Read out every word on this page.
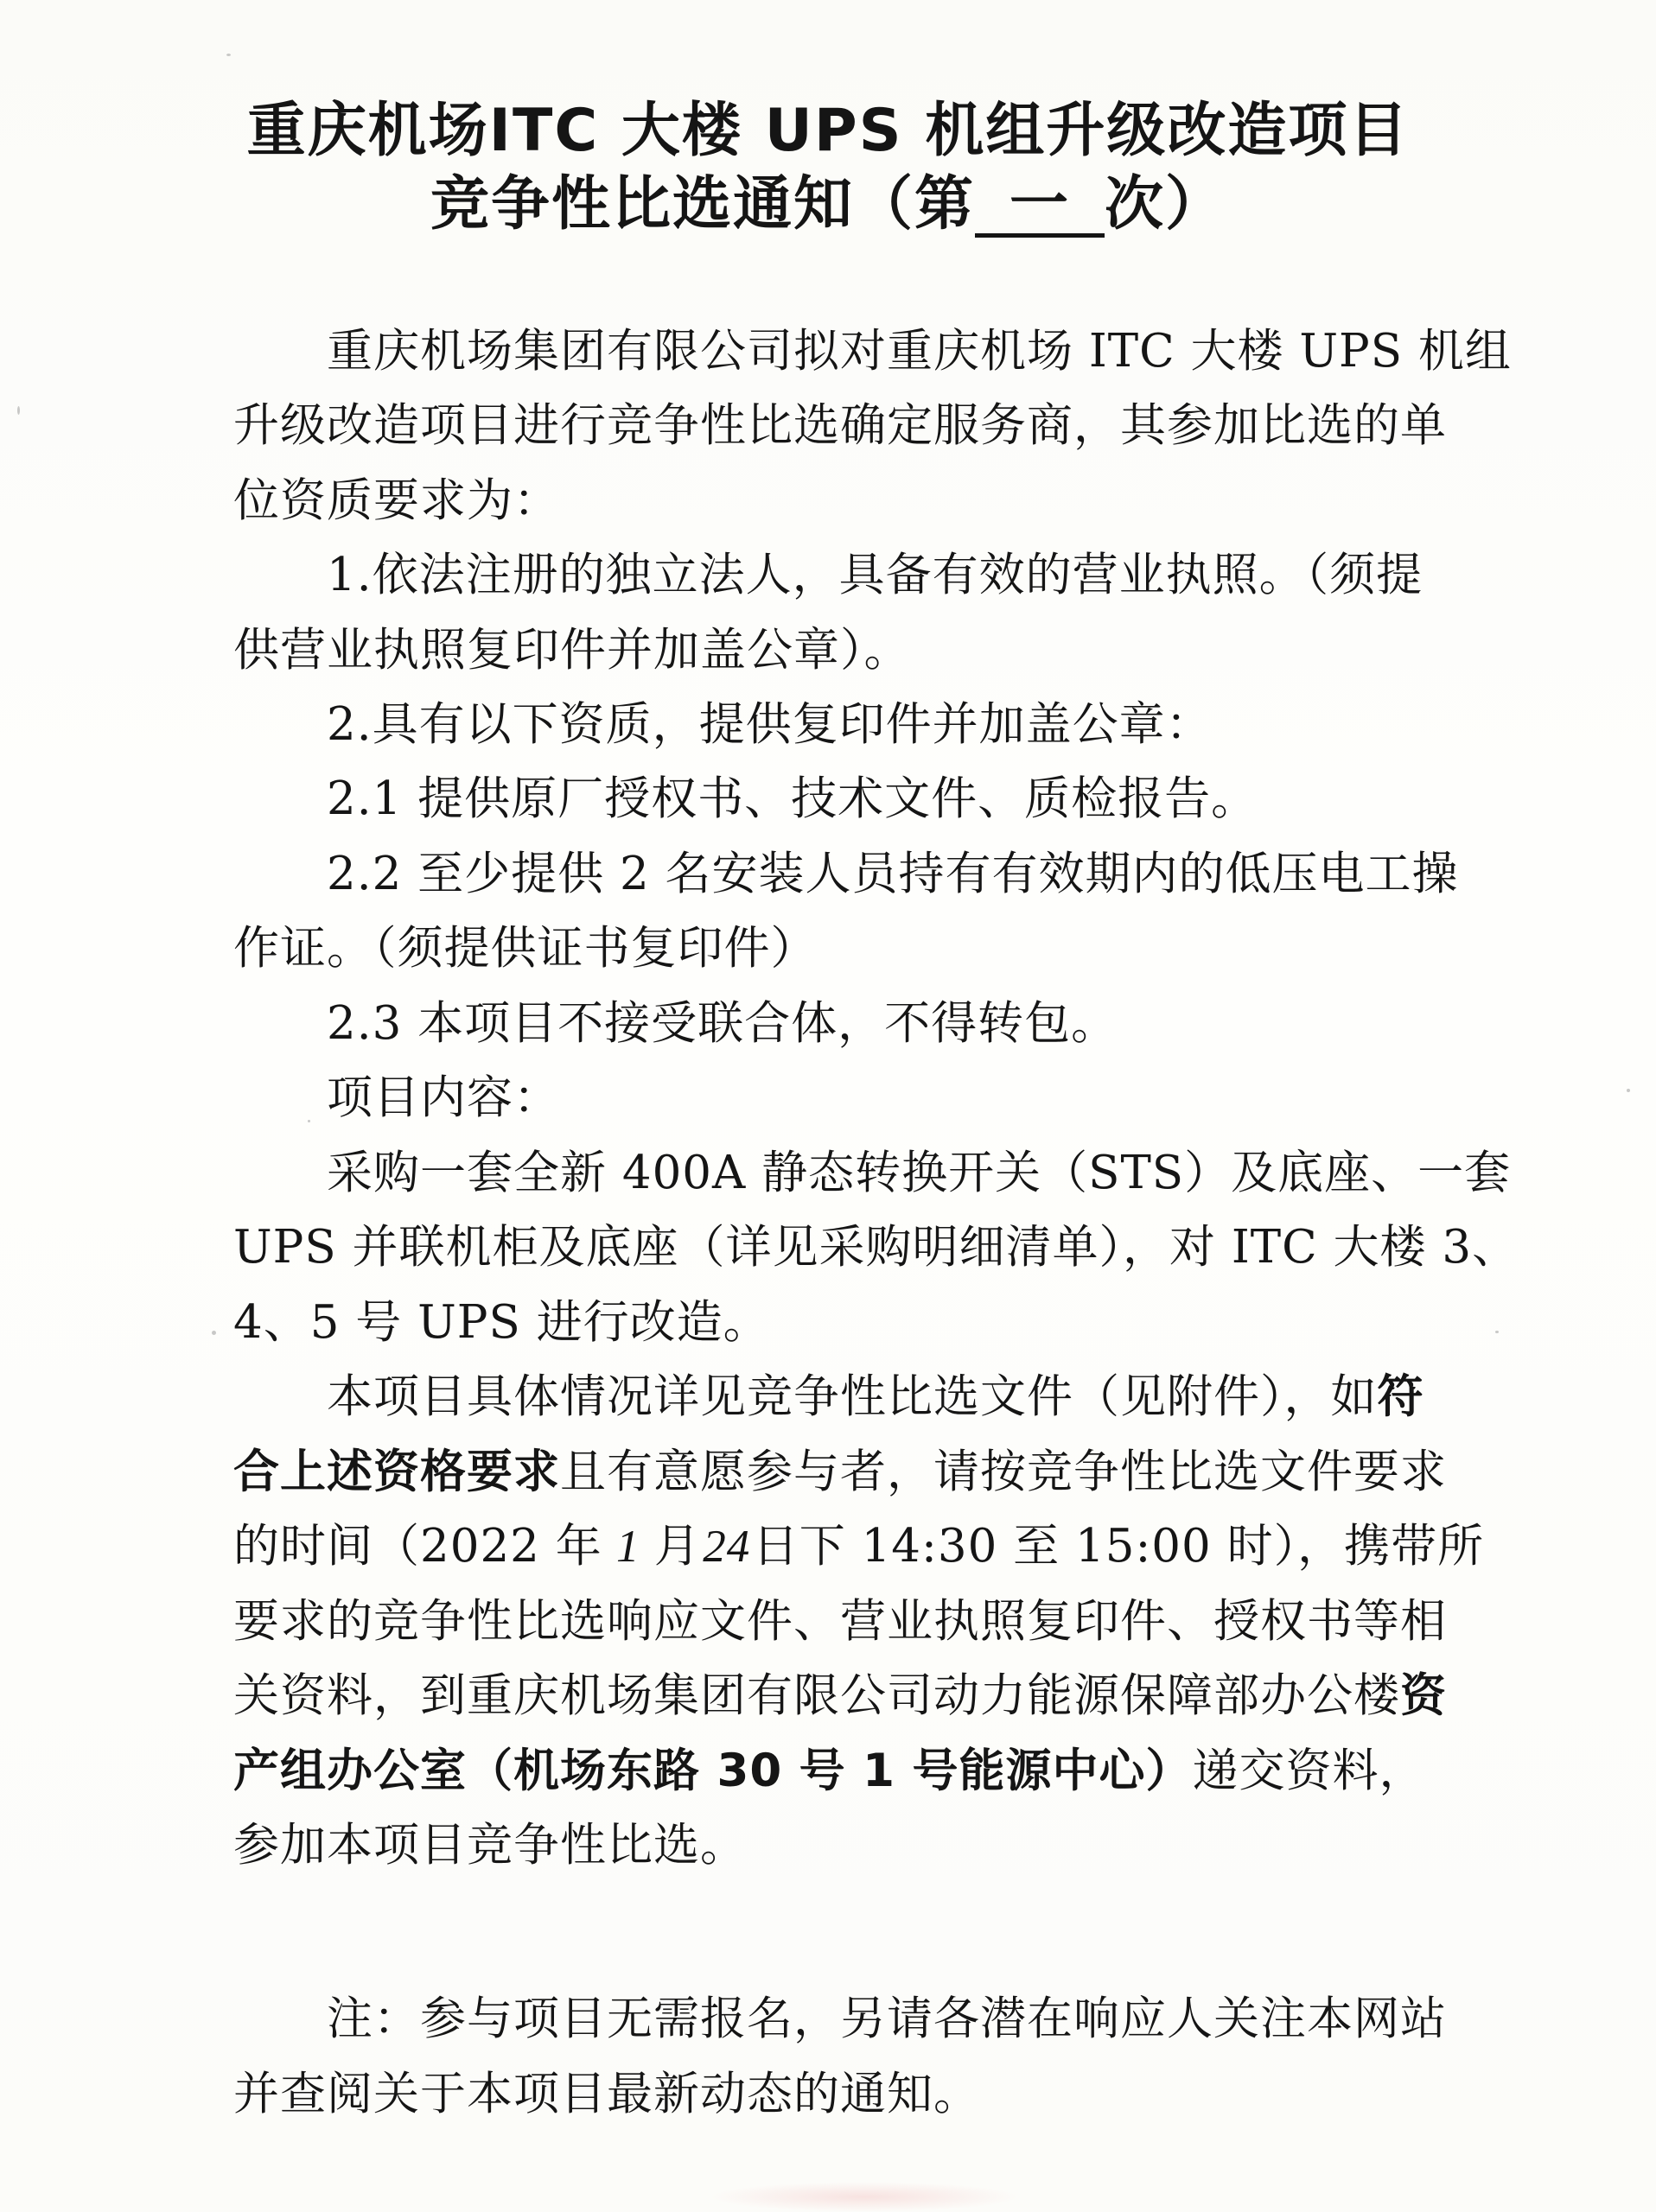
重庆机场ITC 大楼 UPS 机组升级改造项目
竞争性比选通知（第 一 次）
重庆机场集团有限公司拟对重庆机场 ITC 大楼 UPS 机组
升级改造项目进行竞争性比选确定服务商，其参加比选的单
位资质要求为：
1.依法注册的独立法人，具备有效的营业执照。（须提
供营业执照复印件并加盖公章）。
2.具有以下资质，提供复印件并加盖公章：
2.1 提供原厂授权书、技术文件、质检报告。
2.2 至少提供 2 名安装人员持有有效期内的低压电工操
作证。（须提供证书复印件）
2.3 本项目不接受联合体，不得转包。
项目内容：
采购一套全新 400A 静态转换开关（STS）及底座、一套
UPS 并联机柜及底座（详见采购明细清单），对 ITC 大楼 3、
4、5 号 UPS 进行改造。
本项目具体情况详见竞争性比选文件（见附件），如符
合上述资格要求且有意愿参与者，请按竞争性比选文件要求
的时间（2022 年 1 月24日下 14:30 至 15:00 时），携带所
要求的竞争性比选响应文件、营业执照复印件、授权书等相
关资料，到重庆机场集团有限公司动力能源保障部办公楼资
产组办公室（机场东路 30 号 1 号能源中心）递交资料，
参加本项目竞争性比选。
注：参与项目无需报名，另请各潜在响应人关注本网站
并查阅关于本项目最新动态的通知。
